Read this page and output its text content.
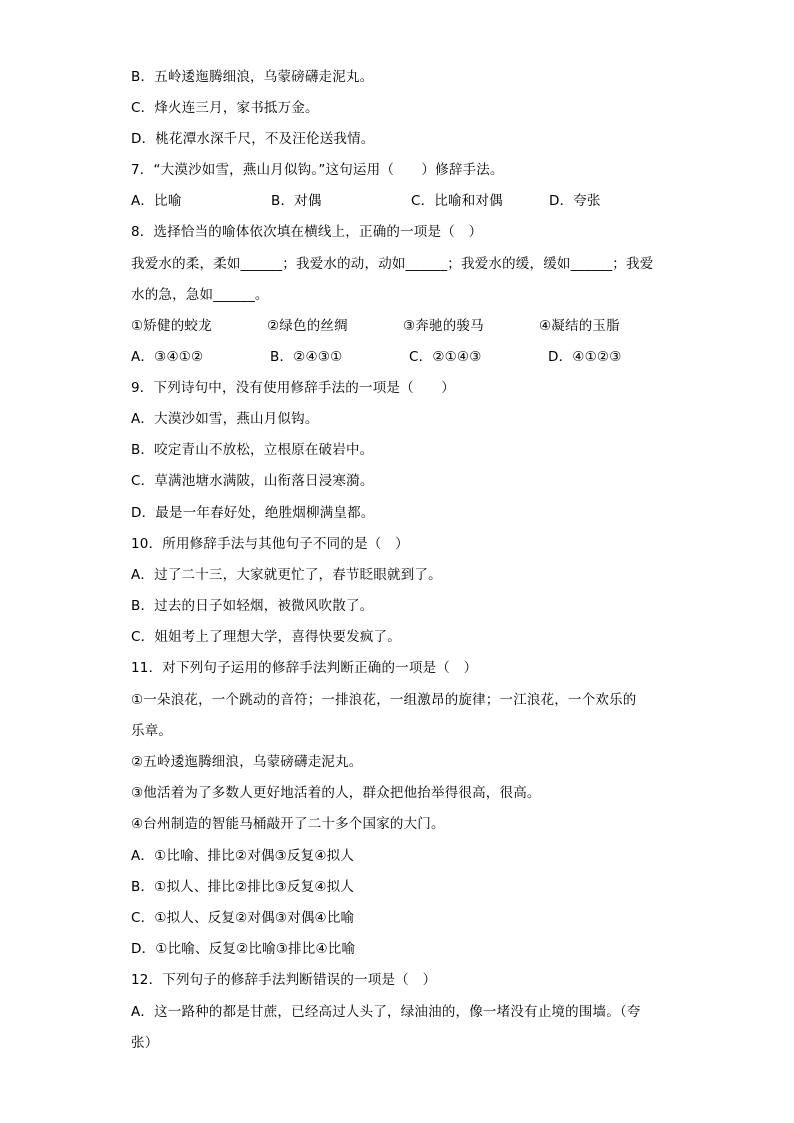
B．五岭逶迤腾细浪，乌蒙磅礴走泥丸。
C．烽火连三月，家书抵万金。
D．桃花潭水深千尺，不及汪伦送我情。
7．“大漠沙如雪，燕山月似钩。”这句运用（　　）修辞手法。
A．比喻	B．对偶	C．比喻和对偶	D．夸张
8．选择恰当的喻体依次填在横线上，正确的一项是（　）
我爱水的柔，柔如______；我爱水的动，动如______；我爱水的缓，缓如______；我爱
水的急，急如______。
①矫健的蛟龙	②绿色的丝绸	③奔驰的骏马	④凝结的玉脂
A．③④①②	B．②④③①	C．②①④③	D．④①②③
9．下列诗句中，没有使用修辞手法的一项是（　　）
A．大漠沙如雪，燕山月似钩。
B．咬定青山不放松，立根原在破岩中。
C．草满池塘水满陂，山衔落日浸寒漪。
D．最是一年春好处，绝胜烟柳满皇都。
10．所用修辞手法与其他句子不同的是（　）
A．过了二十三，大家就更忙了，春节眨眼就到了。
B．过去的日子如轻烟，被微风吹散了。
C．姐姐考上了理想大学，喜得快要发疯了。
11．对下列句子运用的修辞手法判断正确的一项是（　）
①一朵浪花，一个跳动的音符；一排浪花，一组激昂的旋律；一江浪花，一个欢乐的
乐章。
②五岭逶迤腾细浪，乌蒙磅礴走泥丸。
③他活着为了多数人更好地活着的人，群众把他抬举得很高，很高。
④台州制造的智能马桶敲开了二十多个国家的大门。
A．①比喻、排比②对偶③反复④拟人
B．①拟人、排比②排比③反复④拟人
C．①拟人、反复②对偶③对偶④比喻
D．①比喻、反复②比喻③排比④比喻
12．下列句子的修辞手法判断错误的一项是（　）
A．这一路种的都是甘蔗，已经高过人头了，绿油油的，像一堵没有止境的围墙。（夸
张）
